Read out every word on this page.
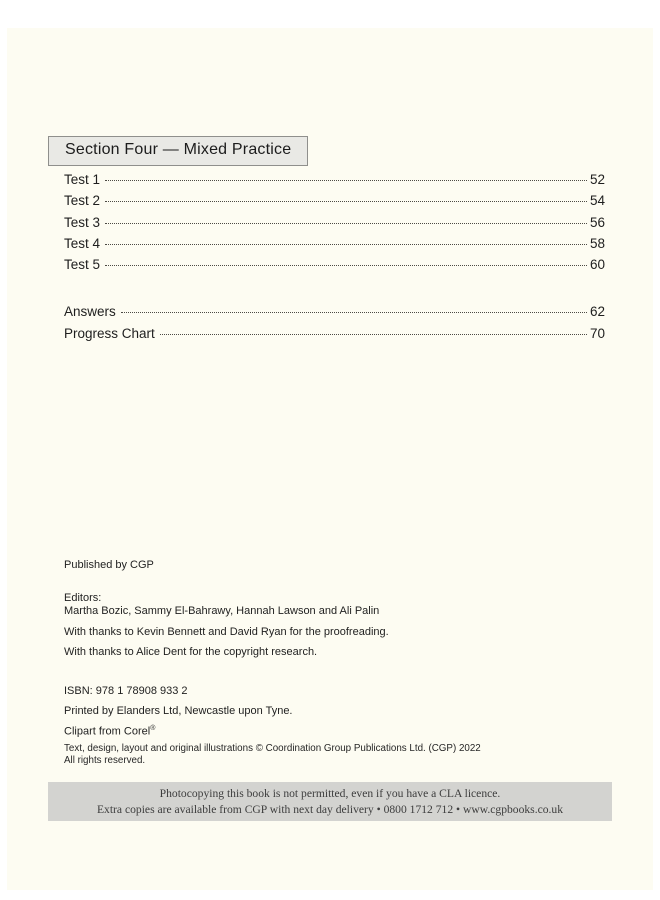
Section Four — Mixed Practice
Test 1	52
Test 2	54
Test 3	56
Test 4	58
Test 5	60
Answers	62
Progress Chart	70
Published by CGP
Editors:
Martha Bozic, Sammy El-Bahrawy, Hannah Lawson and Ali Palin
With thanks to Kevin Bennett and David Ryan for the proofreading.
With thanks to Alice Dent for the copyright research.
ISBN: 978 1 78908 933 2
Printed by Elanders Ltd, Newcastle upon Tyne.
Clipart from Corel®
Text, design, layout and original illustrations © Coordination Group Publications Ltd. (CGP) 2022
All rights reserved.
Photocopying this book is not permitted, even if you have a CLA licence.
Extra copies are available from CGP with next day delivery • 0800 1712 712 • www.cgpbooks.co.uk
